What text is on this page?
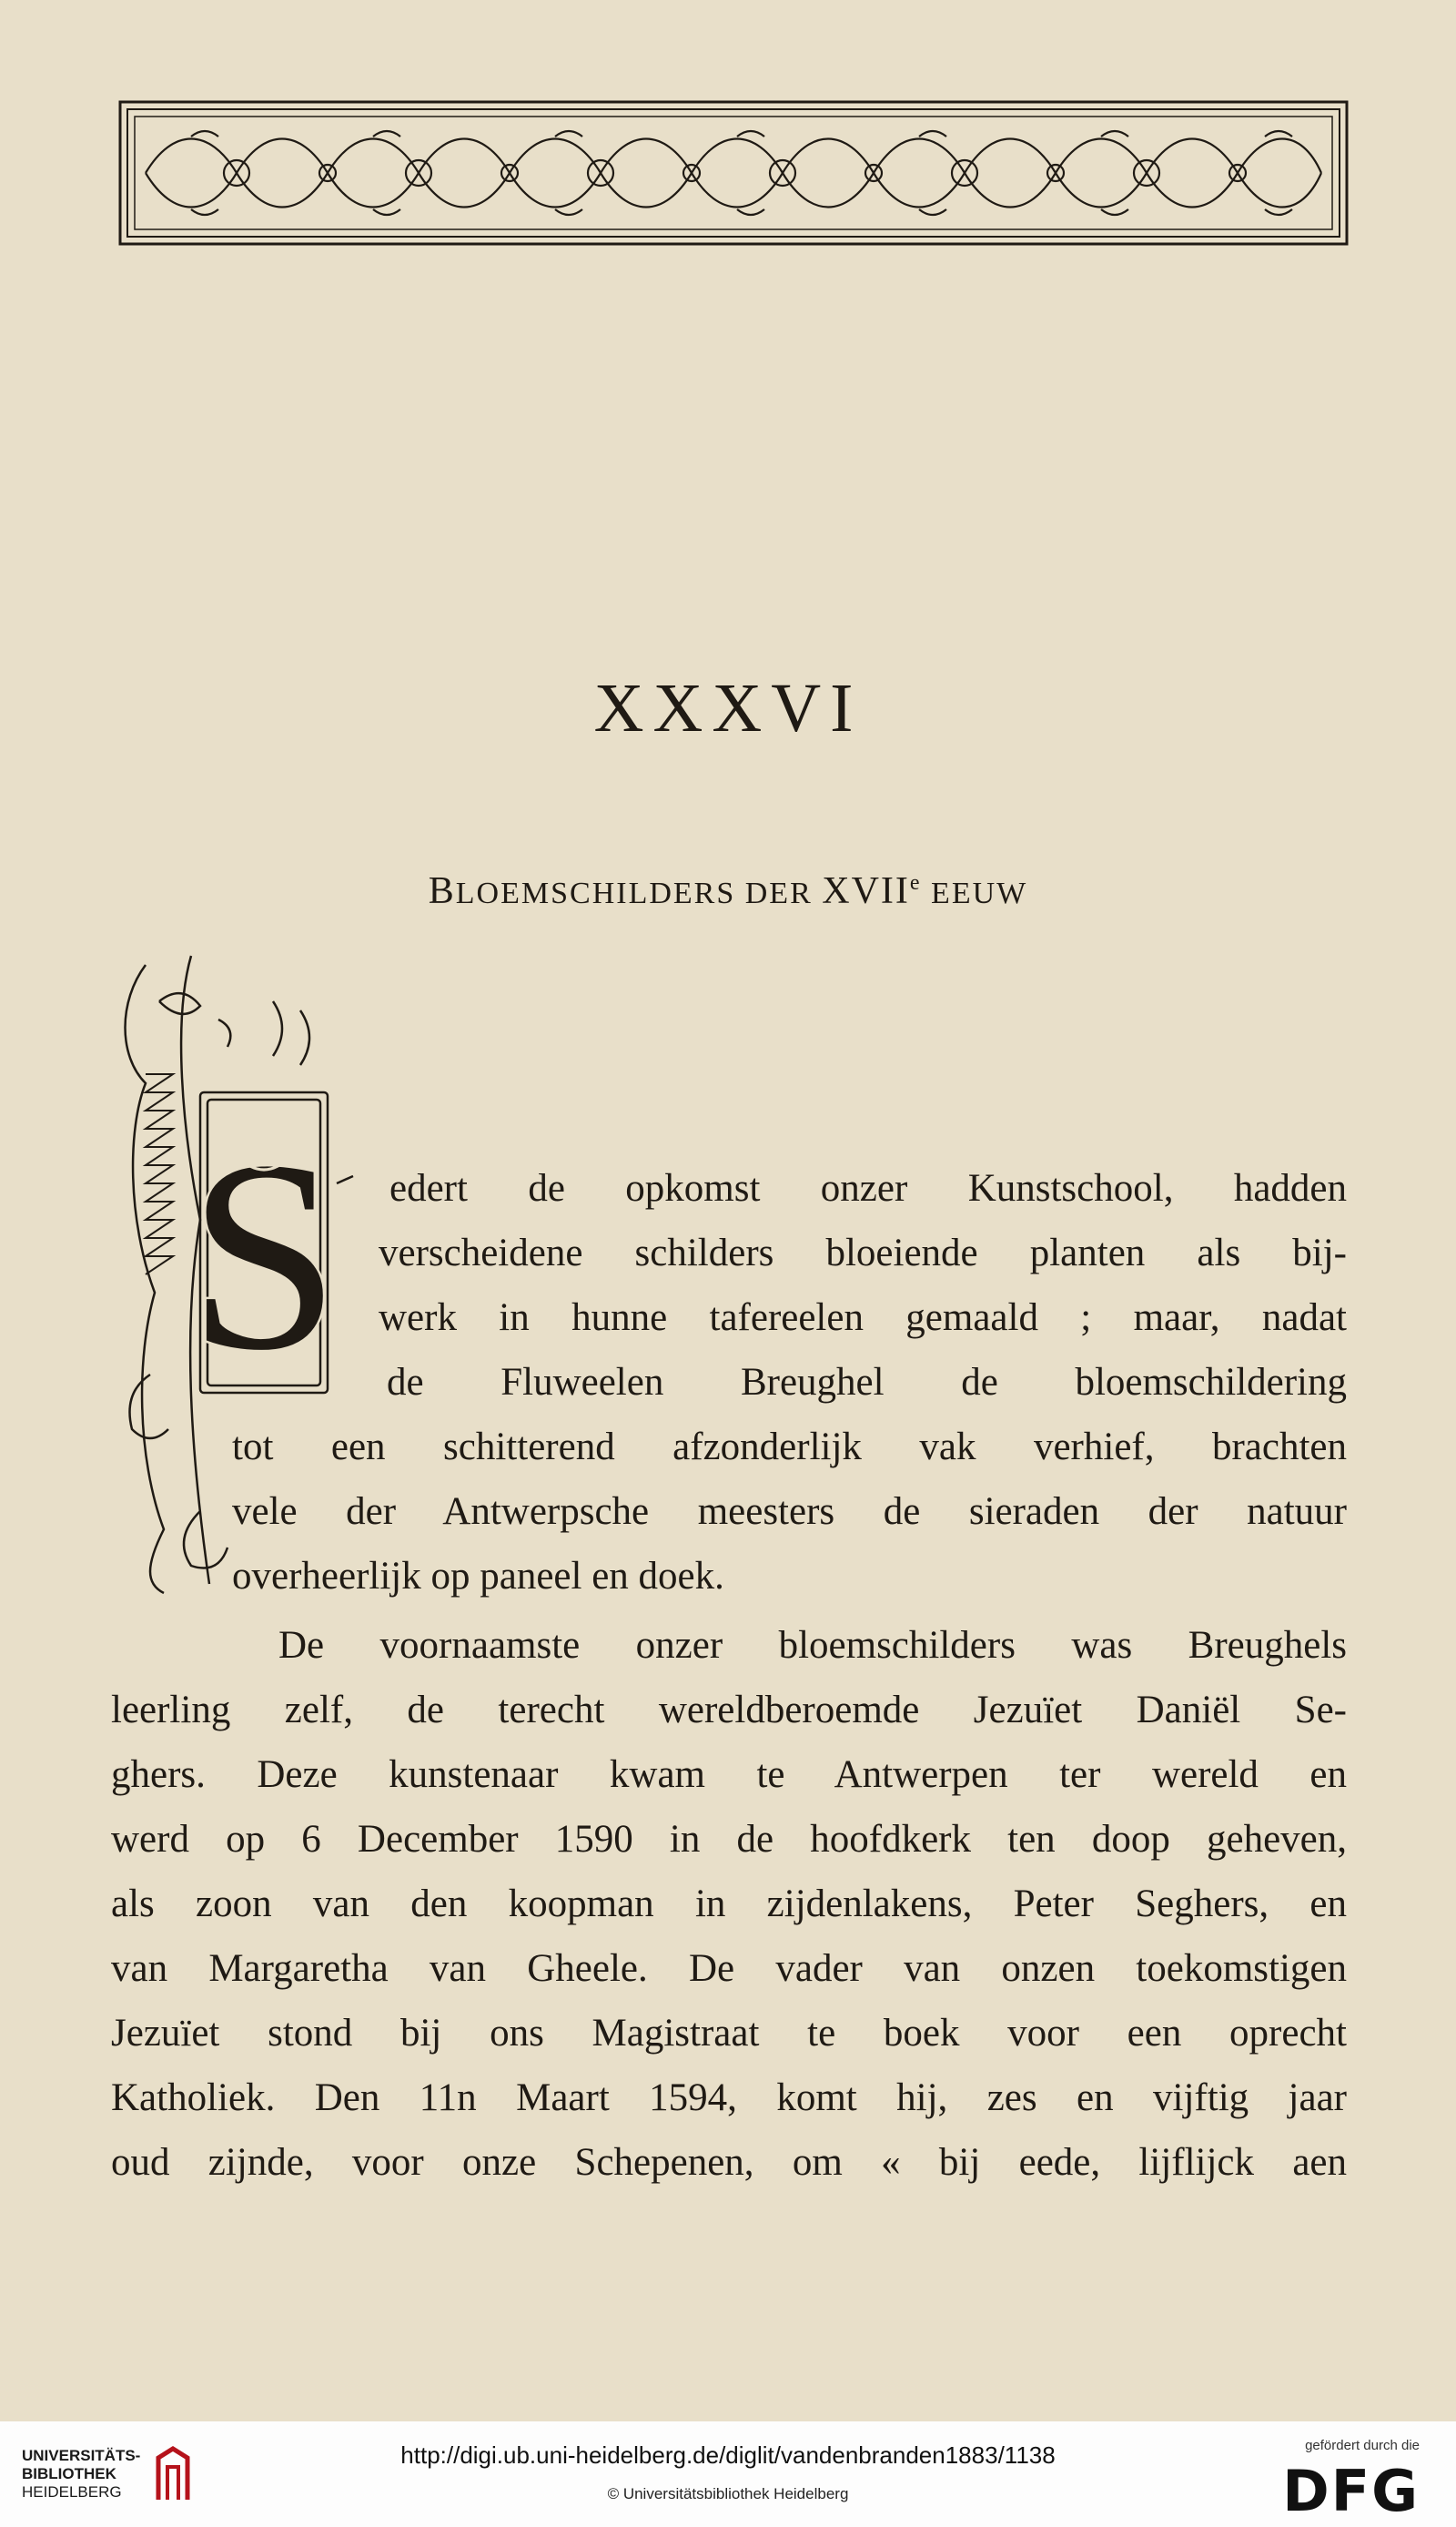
XXXVI
BLOEMSCHILDERS DER XVIIe EEUW
S edert de opkomst onzer Kunstschool, hadden
verscheidene schilders bloeiende planten als bij-
werk in hunne tafereelen gemaald ; maar, nadat
de Fluweelen Breughel de bloemschildering
tot een schitterend afzonderlijk vak verhief, brachten
vele der Antwerpsche meesters de sieraden der natuur
overheerlijk op paneel en doek.
De voornaamste onzer bloemschilders was Breughels
leerling zelf, de terecht wereldberoemde Jezuïet Daniël Se-
ghers. Deze kunstenaar kwam te Antwerpen ter wereld en
werd op 6 December 1590 in de hoofdkerk ten doop geheven,
als zoon van den koopman in zijdenlakens, Peter Seghers, en
van Margaretha van Gheele. De vader van onzen toekomstigen
Jezuïet stond bij ons Magistraat te boek voor een oprecht
Katholiek. Den 11n Maart 1594, komt hij, zes en vijftig jaar
oud zijnde, voor onze Schepenen, om « bij eede, lijflijck aen
UNIVERSITÄTS-
BIBLIOTHEK
HEIDELBERG
http://digi.ub.uni-heidelberg.de/diglit/vandenbranden1883/1138
© Universitätsbibliothek Heidelberg
gefördert durch die
DFG
